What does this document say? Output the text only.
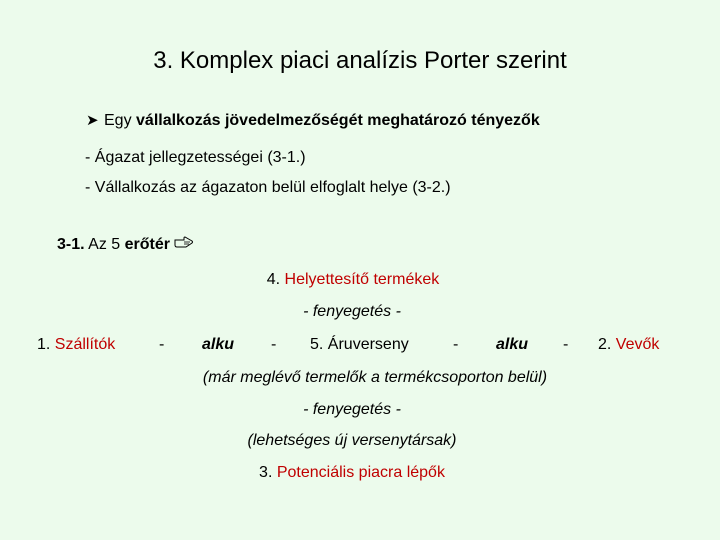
3. Komplex piaci analízis Porter szerint
➤ Egy vállalkozás jövedelmezőségét meghatározó tényezők
- Ágazat jellegzetességei (3-1.)
- Vállalkozás az ágazaton belül elfoglalt helye (3-2.)
3-1. Az 5 erőtér
4. Helyettesítő termékek
- fenyegetés -
1. Szállítók	- alku - 5. Áruverseny	- alku - 2. Vevők
(már meglévő termelők a termékcsoporton belül)
- fenyegetés -
(lehetséges új versenytársak)
3. Potenciális piacra lépők
